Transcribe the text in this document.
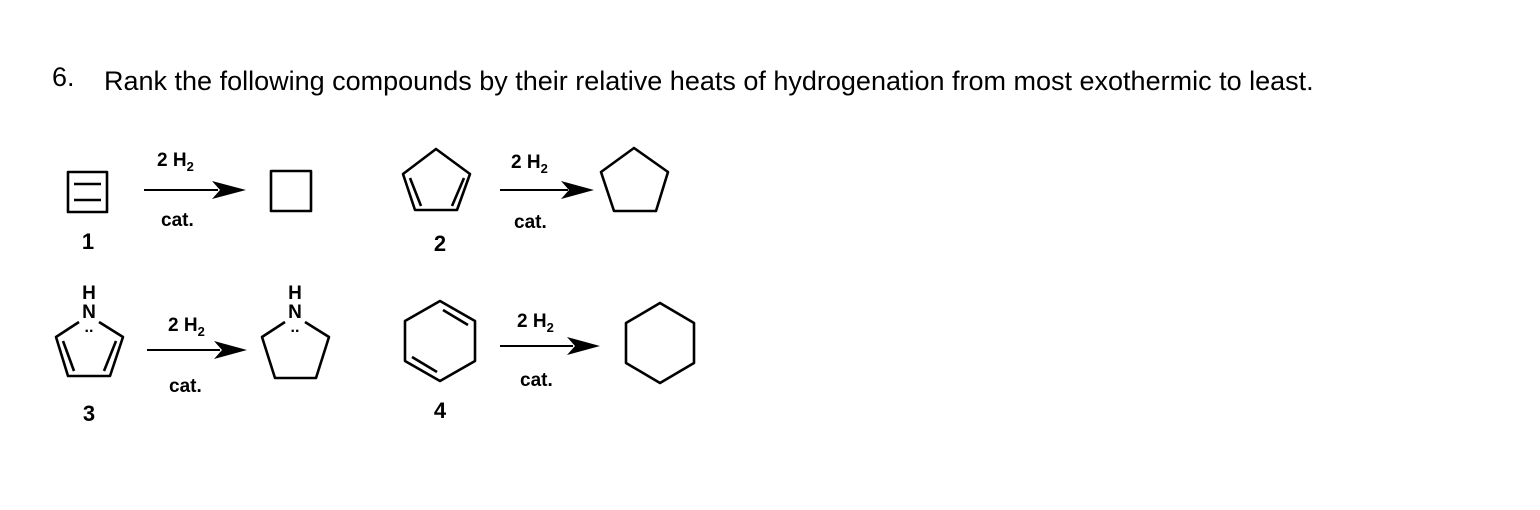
6. Rank the following compounds by their relative heats of hydrogenation from most exothermic to least.
1
2 $H_2$
cat.
2
2 $H_2$
cat.
H
N
..
3
2 $H_2$
cat.
H
N
..
4
2 $H_2$
cat.
